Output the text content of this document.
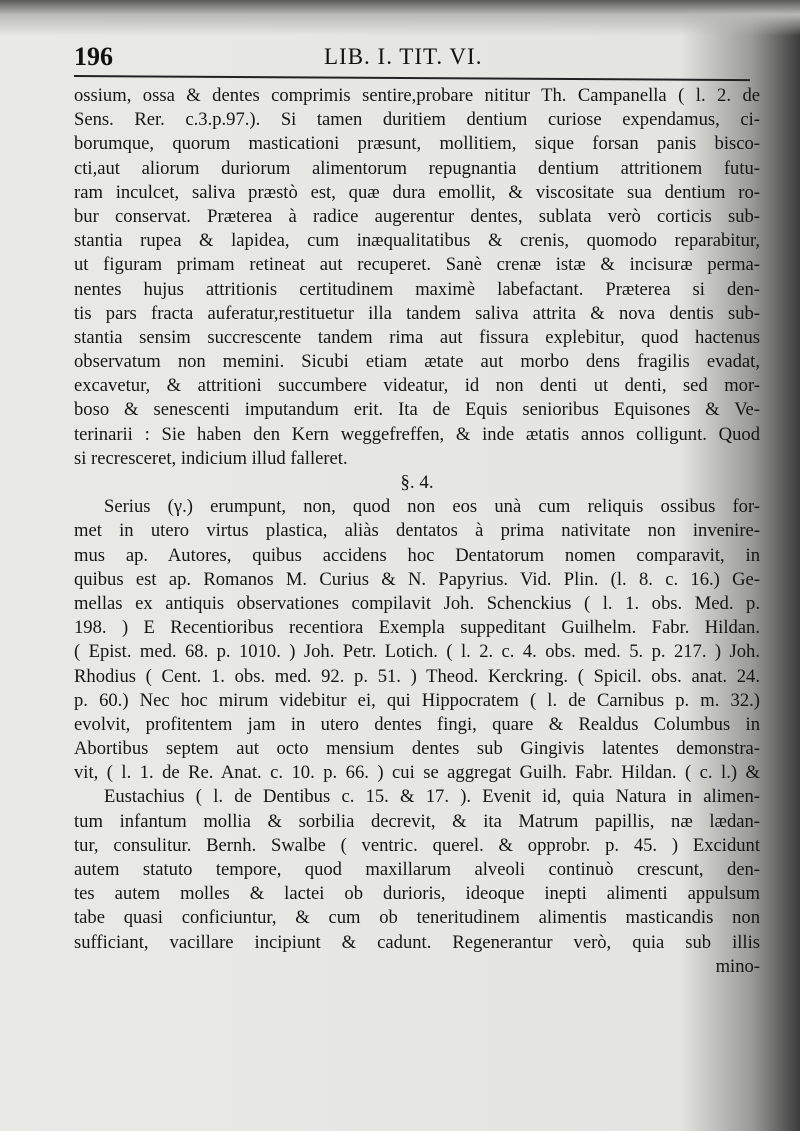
196	LIB. I. TIT. VI.
ossium, ossa & dentes comprimis sentire,probare nititur Th. Campanella ( l. 2. de
Sens. Rer. c.3.p.97.). Si tamen duritiem dentium curiose expendamus, ci-
borumque, quorum masticationi præsunt, mollitiem, sique forsan panis bisco-
cti,aut aliorum duriorum alimentorum repugnantia dentium attritionem futu-
ram inculcet, saliva præstò est, quæ dura emollit, & viscositate sua dentium ro-
bur conservat. Præterea à radice augerentur dentes, sublata verò corticis sub-
stantia rupea & lapidea, cum inæqualitatibus & crenis, quomodo reparabitur,
ut figuram primam retineat aut recuperet. Sanè crenæ istæ & incisuræ perma-
nentes hujus attritionis certitudinem maximè labefactant. Præterea si den-
tis pars fracta auferatur,restituetur illa tandem saliva attrita & nova dentis sub-
stantia sensim succrescente tandem rima aut fissura explebitur, quod hactenus
observatum non memini. Sicubi etiam ætate aut morbo dens fragilis evadat,
excavetur, & attritioni succumbere videatur, id non denti ut denti, sed mor-
boso & senescenti imputandum erit. Ita de Equis senioribus Equisones & Ve-
terinarii : Sie haben den Kern weggefreffen, & inde ætatis annos colligunt. Quod
si recresceret, indicium illud falleret.
§. 4.
Serius (γ.) erumpunt, non, quod non eos unà cum reliquis ossibus for-
met in utero virtus plastica, aliàs dentatos à prima nativitate non invenire-
mus ap. Autores, quibus accidens hoc Dentatorum nomen comparavit, in
quibus est ap. Romanos M. Curius & N. Papyrius. Vid. Plin. (l. 8. c. 16.) Ge-
mellas ex antiquis observationes compilavit Joh. Schenckius ( l. 1. obs. Med. p.
198. ) E Recentioribus recentiora Exempla suppeditant Guilhelm. Fabr. Hildan.
( Epist. med. 68. p. 1010. ) Joh. Petr. Lotich. ( l. 2. c. 4. obs. med. 5. p. 217. ) Joh.
Rhodius ( Cent. 1. obs. med. 92. p. 51. ) Theod. Kerckring. ( Spicil. obs. anat. 24.
p. 60.) Nec hoc mirum videbitur ei, qui Hippocratem ( l. de Carnibus p. m. 32.)
evolvit, profitentem jam in utero dentes fingi, quare & Realdus Columbus in
Abortibus septem aut octo mensium dentes sub Gingivis latentes demonstra-
vit, ( l. 1. de Re. Anat. c. 10. p. 66. ) cui se aggregat Guilh. Fabr. Hildan. ( c. l.) &
Eustachius ( l. de Dentibus c. 15. & 17. ). Evenit id, quia Natura in alimen-
tum infantum mollia & sorbilia decrevit, & ita Matrum papillis, næ lædan-
tur, consulitur. Bernh. Swalbe ( ventric. querel. & opprobr. p. 45. ) Excidunt
autem statuto tempore, quod maxillarum alveoli continuò crescunt, den-
tes autem molles & lactei ob durioris, ideoque inepti alimenti appulsum
tabe quasi conficiuntur, & cum ob teneritudinem alimentis masticandis non
sufficiant, vacillare incipiunt & cadunt. Regenerantur verò, quia sub illis
mino-
